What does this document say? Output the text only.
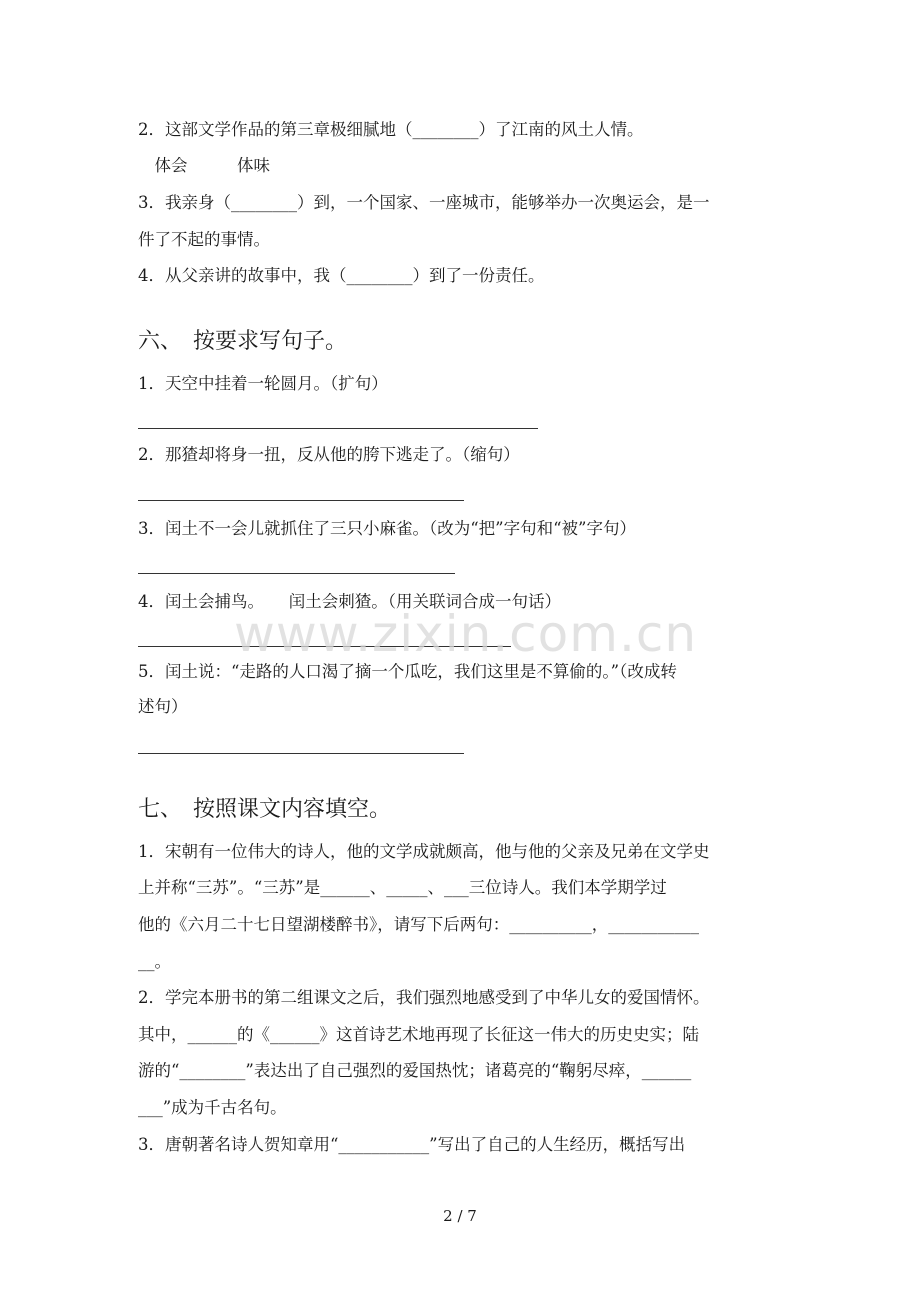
2．这部文学作品的第三章极细腻地（________）了江南的风土人情。
　体会　　　体味
3．我亲身（________）到，一个国家、一座城市，能够举办一次奥运会，是一
件了不起的事情。
4．从父亲讲的故事中，我（________）到了一份责任。
六、　按要求写句子。
1．天空中挂着一轮圆月。（扩句）
2．那猹却将身一扭，反从他的胯下逃走了。（缩句）
3．闰土不一会儿就抓住了三只小麻雀。（改为“把”字句和“被”字句）
4．闰土会捕鸟。　　闰土会刺猹。（用关联词合成一句话）
5．闰土说：“走路的人口渴了摘一个瓜吃，我们这里是不算偷的。”（改成转
述句）
七、　按照课文内容填空。
1．宋朝有一位伟大的诗人，他的文学成就颇高，他与他的父亲及兄弟在文学史
上并称“三苏”。“三苏”是______、_____、___三位诗人。我们本学期学过
他的《六月二十七日望湖楼醉书》，请写下后两句：__________，___________
__。
2．学完本册书的第二组课文之后，我们强烈地感受到了中华儿女的爱国情怀。
其中，______的《______》这首诗艺术地再现了长征这一伟大的历史史实；陆
游的“________”表达出了自己强烈的爱国热忱；诸葛亮的“鞠躬尽瘁，______
___”成为千古名句。
3．唐朝著名诗人贺知章用“___________”写出了自己的人生经历，概括写出
www.zixin.com.cn
2 / 7
